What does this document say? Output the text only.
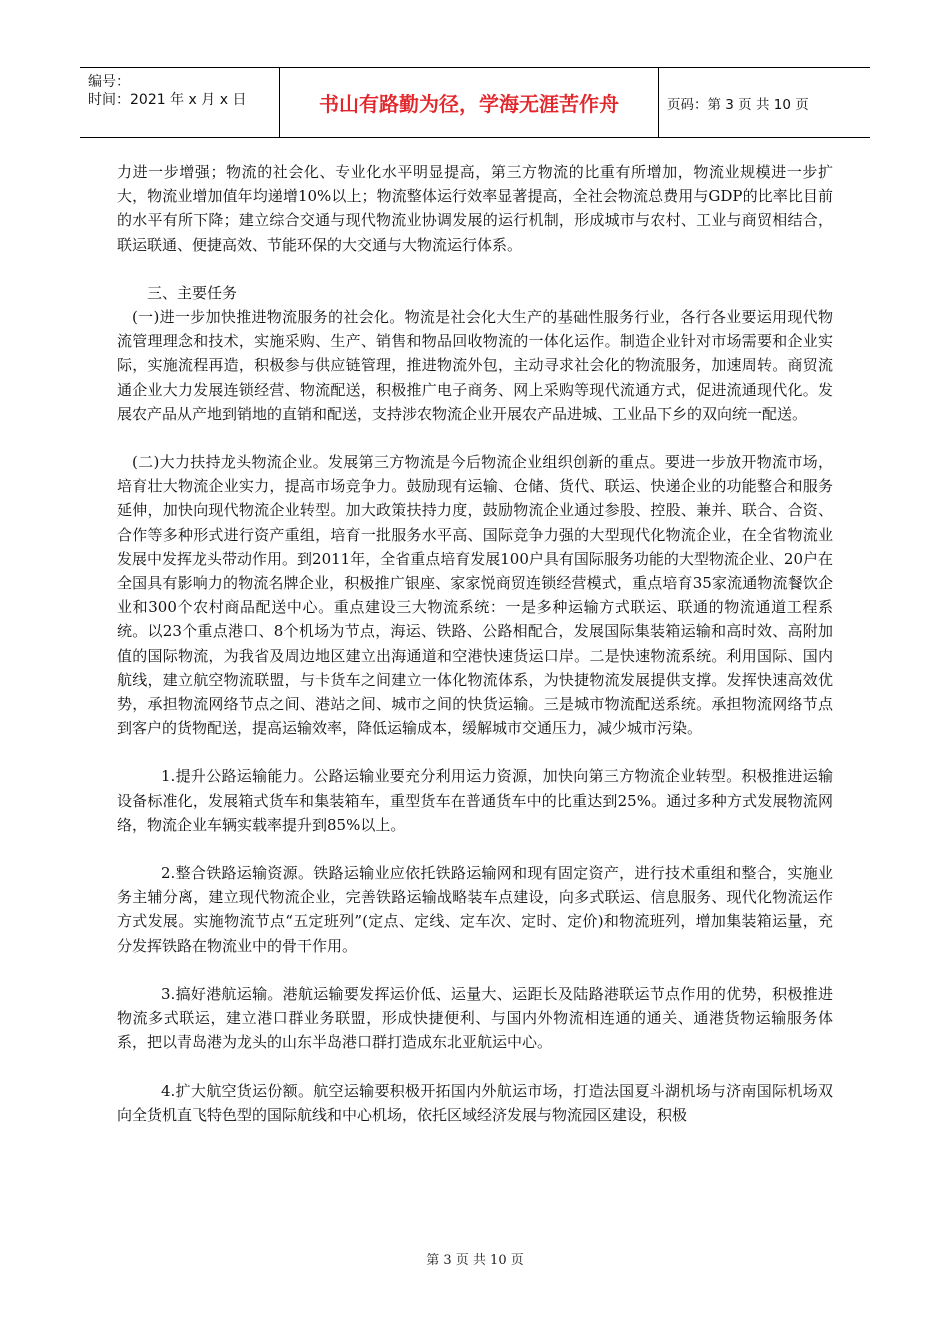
编号：
时间：2021 年 x 月 x 日	书山有路勤为径，学海无涯苦作舟	页码：第 3 页 共 10 页

力进一步增强；物流的社会化、专业化水平明显提高，第三方物流的比重有所增加，物流业规模进一步扩大，物流业增加值年均递增10%以上；物流整体运行效率显著提高，全社会物流总费用与GDP的比率比目前的水平有所下降；建立综合交通与现代物流业协调发展的运行机制，形成城市与农村、工业与商贸相结合，联运联通、便捷高效、节能环保的大交通与大物流运行体系。

三、主要任务

(一)进一步加快推进物流服务的社会化。物流是社会化大生产的基础性服务行业，各行各业要运用现代物流管理理念和技术，实施采购、生产、销售和物品回收物流的一体化运作。制造企业针对市场需要和企业实际，实施流程再造，积极参与供应链管理，推进物流外包，主动寻求社会化的物流服务，加速周转。商贸流通企业大力发展连锁经营、物流配送，积极推广电子商务、网上采购等现代流通方式，促进流通现代化。发展农产品从产地到销地的直销和配送，支持涉农物流企业开展农产品进城、工业品下乡的双向统一配送。

(二)大力扶持龙头物流企业。发展第三方物流是今后物流企业组织创新的重点。要进一步放开物流市场，培育壮大物流企业实力，提高市场竞争力。鼓励现有运输、仓储、货代、联运、快递企业的功能整合和服务延伸，加快向现代物流企业转型。加大政策扶持力度，鼓励物流企业通过参股、控股、兼并、联合、合资、合作等多种形式进行资产重组，培育一批服务水平高、国际竞争力强的大型现代化物流企业，在全省物流业发展中发挥龙头带动作用。到2011年，全省重点培育发展100户具有国际服务功能的大型物流企业、20户在全国具有影响力的物流名牌企业，积极推广银座、家家悦商贸连锁经营模式，重点培育35家流通物流餐饮企业和300个农村商品配送中心。重点建设三大物流系统：一是多种运输方式联运、联通的物流通道工程系统。以23个重点港口、8个机场为节点，海运、铁路、公路相配合，发展国际集装箱运输和高时效、高附加值的国际物流，为我省及周边地区建立出海通道和空港快速货运口岸。二是快速物流系统。利用国际、国内航线，建立航空物流联盟，与卡货车之间建立一体化物流体系，为快捷物流发展提供支撑。发挥快速高效优势，承担物流网络节点之间、港站之间、城市之间的快货运输。三是城市物流配送系统。承担物流网络节点到客户的货物配送，提高运输效率，降低运输成本，缓解城市交通压力，减少城市污染。

1.提升公路运输能力。公路运输业要充分利用运力资源，加快向第三方物流企业转型。积极推进运输设备标准化，发展箱式货车和集装箱车，重型货车在普通货车中的比重达到25%。通过多种方式发展物流网络，物流企业车辆实载率提升到85%以上。

2.整合铁路运输资源。铁路运输业应依托铁路运输网和现有固定资产，进行技术重组和整合，实施业务主辅分离，建立现代物流企业，完善铁路运输战略装车点建设，向多式联运、信息服务、现代化物流运作方式发展。实施物流节点“五定班列”(定点、定线、定车次、定时、定价)和物流班列，增加集装箱运量，充分发挥铁路在物流业中的骨干作用。

3.搞好港航运输。港航运输要发挥运价低、运量大、运距长及陆路港联运节点作用的优势，积极推进物流多式联运，建立港口群业务联盟，形成快捷便利、与国内外物流相连通的通关、通港货物运输服务体系，把以青岛港为龙头的山东半岛港口群打造成东北亚航运中心。

4.扩大航空货运份额。航空运输要积极开拓国内外航运市场，打造法国夏斗湖机场与济南国际机场双向全货机直飞特色型的国际航线和中心机场，依托区域经济发展与物流园区建设，积极

第 3 页 共 10 页
